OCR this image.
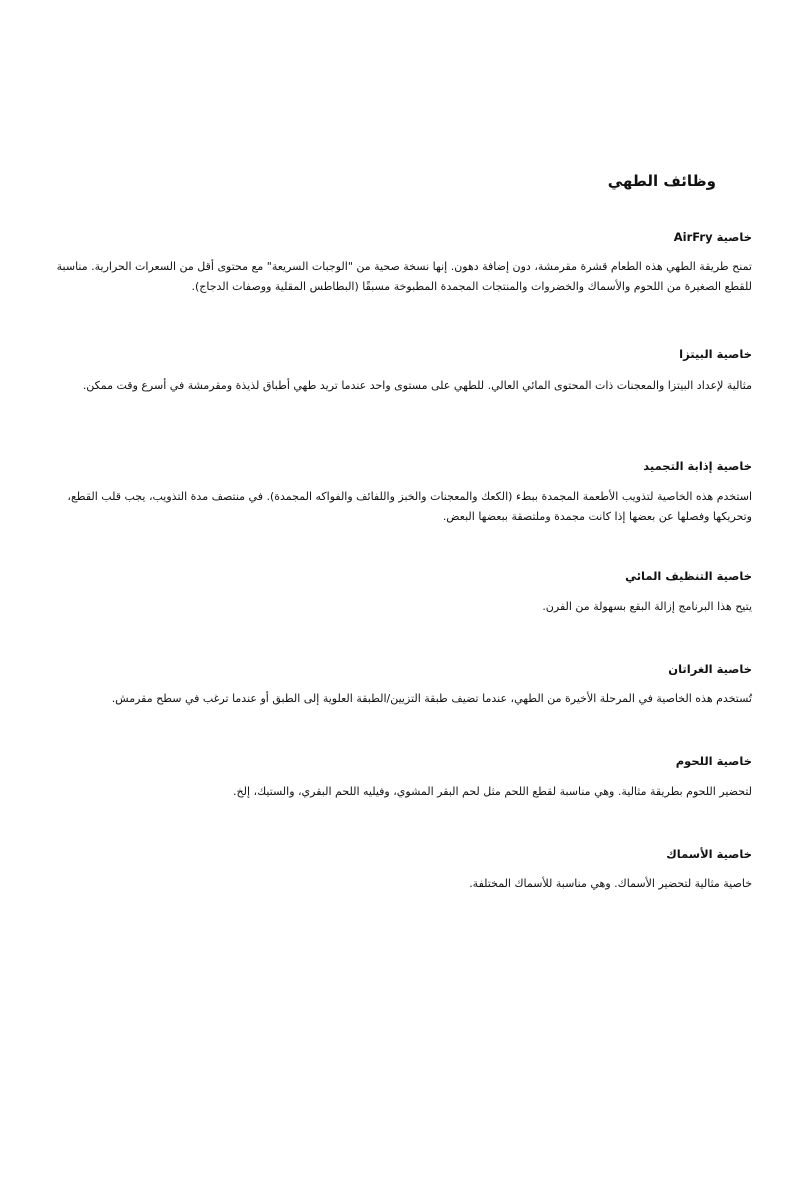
وظائف الطهي
خاصية AirFry

تمنح طريقة الطهي هذه الطعام قشرة مقرمشة، دون إضافة دهون. إنها نسخة صحية من "الوجبات السريعة" مع محتوى أقل من السعرات الحرارية. مناسبة للقطع الصغيرة من اللحوم والأسماك والخضروات والمنتجات المجمدة المطبوخة مسبقًا (البطاطس المقلية ووصفات الدجاج).

خاصية البيتزا

مثالية لإعداد البيتزا والمعجنات ذات المحتوى المائي العالي. للطهي على مستوى واحد عندما تريد طهي أطباق لذيذة ومقرمشة في أسرع وقت ممكن.

خاصية إذابة التجميد

استخدم هذه الخاصية لتذويب الأطعمة المجمدة ببطء (الكعك والمعجنات والخبز واللفائف والفواكه المجمدة). في منتصف مدة التذويب، يجب قلب القطع، وتحريكها وفصلها عن بعضها إذا كانت مجمدة وملتصقة ببعضها البعض.

خاصية التنظيف المائي

يتيح هذا البرنامج إزالة البقع بسهولة من الفرن.

خاصية الغراتان

تُستخدم هذه الخاصية في المرحلة الأخيرة من الطهي، عندما تضيف طبقة التزيين/الطبقة العلوية إلى الطبق أو عندما ترغب في سطح مقرمش.

خاصية اللحوم

لتحضير اللحوم بطريقة مثالية. وهي مناسبة لقطع اللحم مثل لحم البقر المشوي، وفيليه اللحم البقري، والستيك، إلخ.

خاصية الأسماك

خاصية مثالية لتحضير الأسماك. وهي مناسبة للأسماك المختلفة.
